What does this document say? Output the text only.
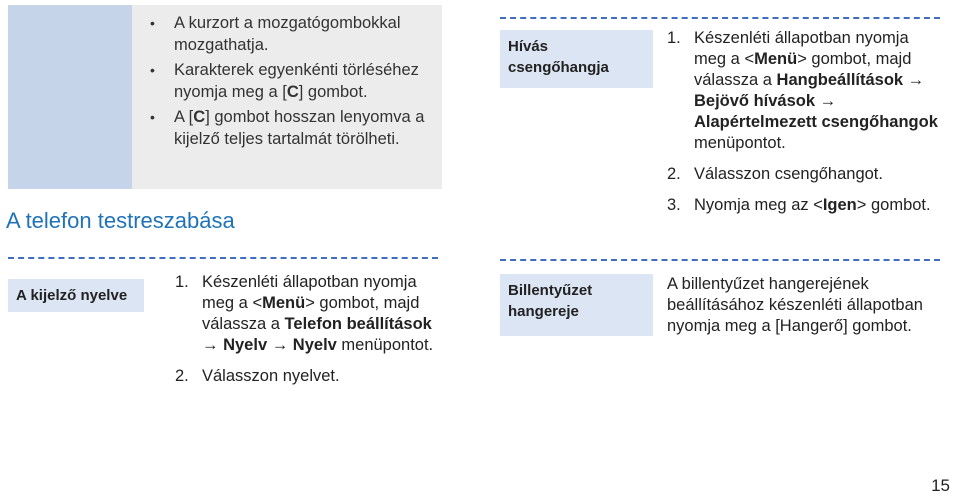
• A kurzort a mozgatógombokkal mozgathatja.
• Karakterek egyenkénti törléséhez nyomja meg a [C] gombot.
• A [C] gombot hosszan lenyomva a kijelző teljes tartalmát törölheti.
A telefon testreszabása
A kijelző nyelve
1. Készenléti állapotban nyomja meg a <Menü> gombot, majd válassza a Telefon beállítások → Nyelv → Nyelv menüpontot.
2. Válasszon nyelvet.
Hívás csengőhangja
1. Készenléti állapotban nyomja meg a <Menü> gombot, majd válassza a Hangbeállítások → Bejövő hívások → Alapértelmezett csengőhangok menüpontot.
2. Válasszon csengőhangot.
3. Nyomja meg az <Igen> gombot.
Billentyűzet hangereje

A billentyűzet hangerejének beállításához készenléti állapotban nyomja meg a [Hangerő] gombot.

15
